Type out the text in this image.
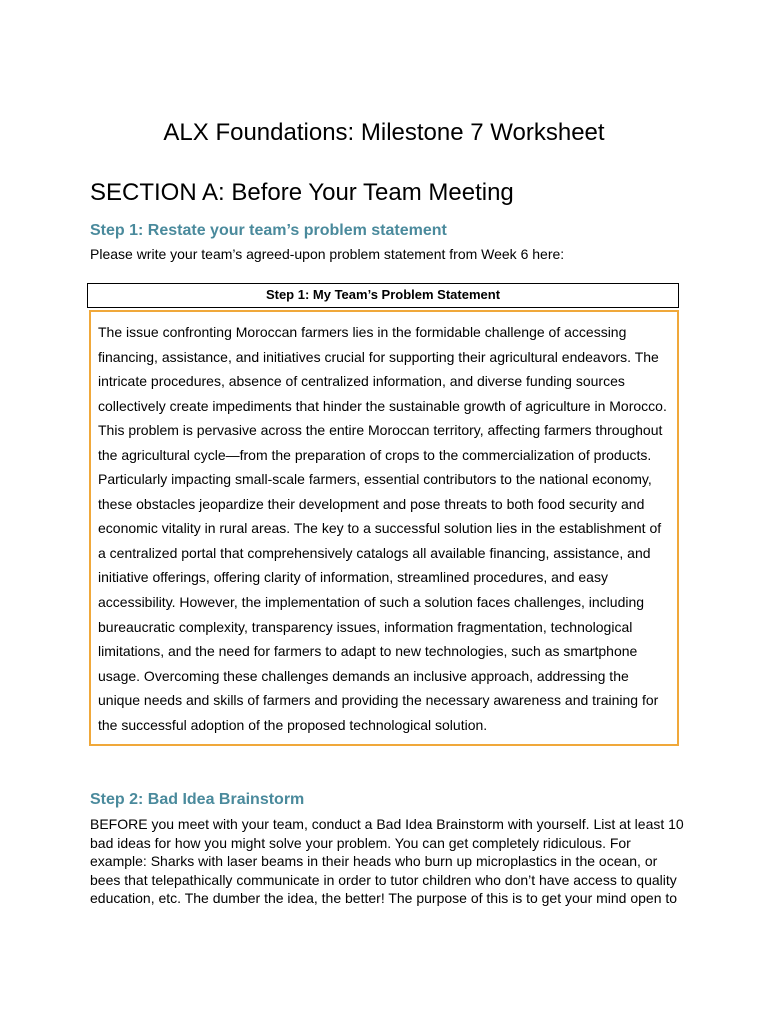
ALX Foundations: Milestone 7 Worksheet
SECTION A: Before Your Team Meeting
Step 1: Restate your team’s problem statement

Please write your team’s agreed-upon problem statement from Week 6 here:

Step 1: My Team’s Problem Statement

The issue confronting Moroccan farmers lies in the formidable challenge of accessing financing, assistance, and initiatives crucial for supporting their agricultural endeavors. The intricate procedures, absence of centralized information, and diverse funding sources collectively create impediments that hinder the sustainable growth of agriculture in Morocco. This problem is pervasive across the entire Moroccan territory, affecting farmers throughout the agricultural cycle—from the preparation of crops to the commercialization of products. Particularly impacting small-scale farmers, essential contributors to the national economy, these obstacles jeopardize their development and pose threats to both food security and economic vitality in rural areas. The key to a successful solution lies in the establishment of a centralized portal that comprehensively catalogs all available financing, assistance, and initiative offerings, offering clarity of information, streamlined procedures, and easy accessibility. However, the implementation of such a solution faces challenges, including bureaucratic complexity, transparency issues, information fragmentation, technological limitations, and the need for farmers to adapt to new technologies, such as smartphone usage. Overcoming these challenges demands an inclusive approach, addressing the unique needs and skills of farmers and providing the necessary awareness and training for the successful adoption of the proposed technological solution.

Step 2: Bad Idea Brainstorm

BEFORE you meet with your team, conduct a Bad Idea Brainstorm with yourself. List at least 10 bad ideas for how you might solve your problem. You can get completely ridiculous. For example: Sharks with laser beams in their heads who burn up microplastics in the ocean, or bees that telepathically communicate in order to tutor children who don’t have access to quality education, etc. The dumber the idea, the better! The purpose of this is to get your mind open to
